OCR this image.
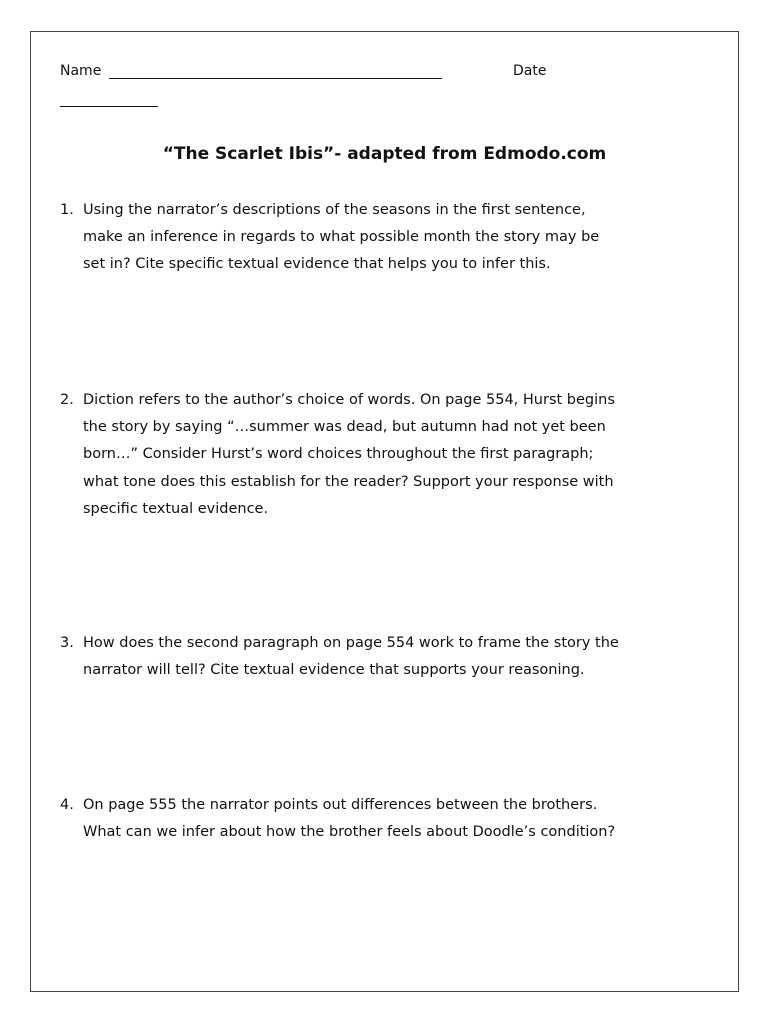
Name	Date
“The Scarlet Ibis”- adapted from Edmodo.com
1. Using the narrator’s descriptions of the seasons in the first sentence,
make an inference in regards to what possible month the story may be
set in? Cite specific textual evidence that helps you to infer this.
2. Diction refers to the author’s choice of words. On page 554, Hurst begins
the story by saying “…summer was dead, but autumn had not yet been
born…” Consider Hurst’s word choices throughout the first paragraph;
what tone does this establish for the reader? Support your response with
specific textual evidence.
3. How does the second paragraph on page 554 work to frame the story the
narrator will tell? Cite textual evidence that supports your reasoning.
4. On page 555 the narrator points out differences between the brothers.
What can we infer about how the brother feels about Doodle’s condition?
